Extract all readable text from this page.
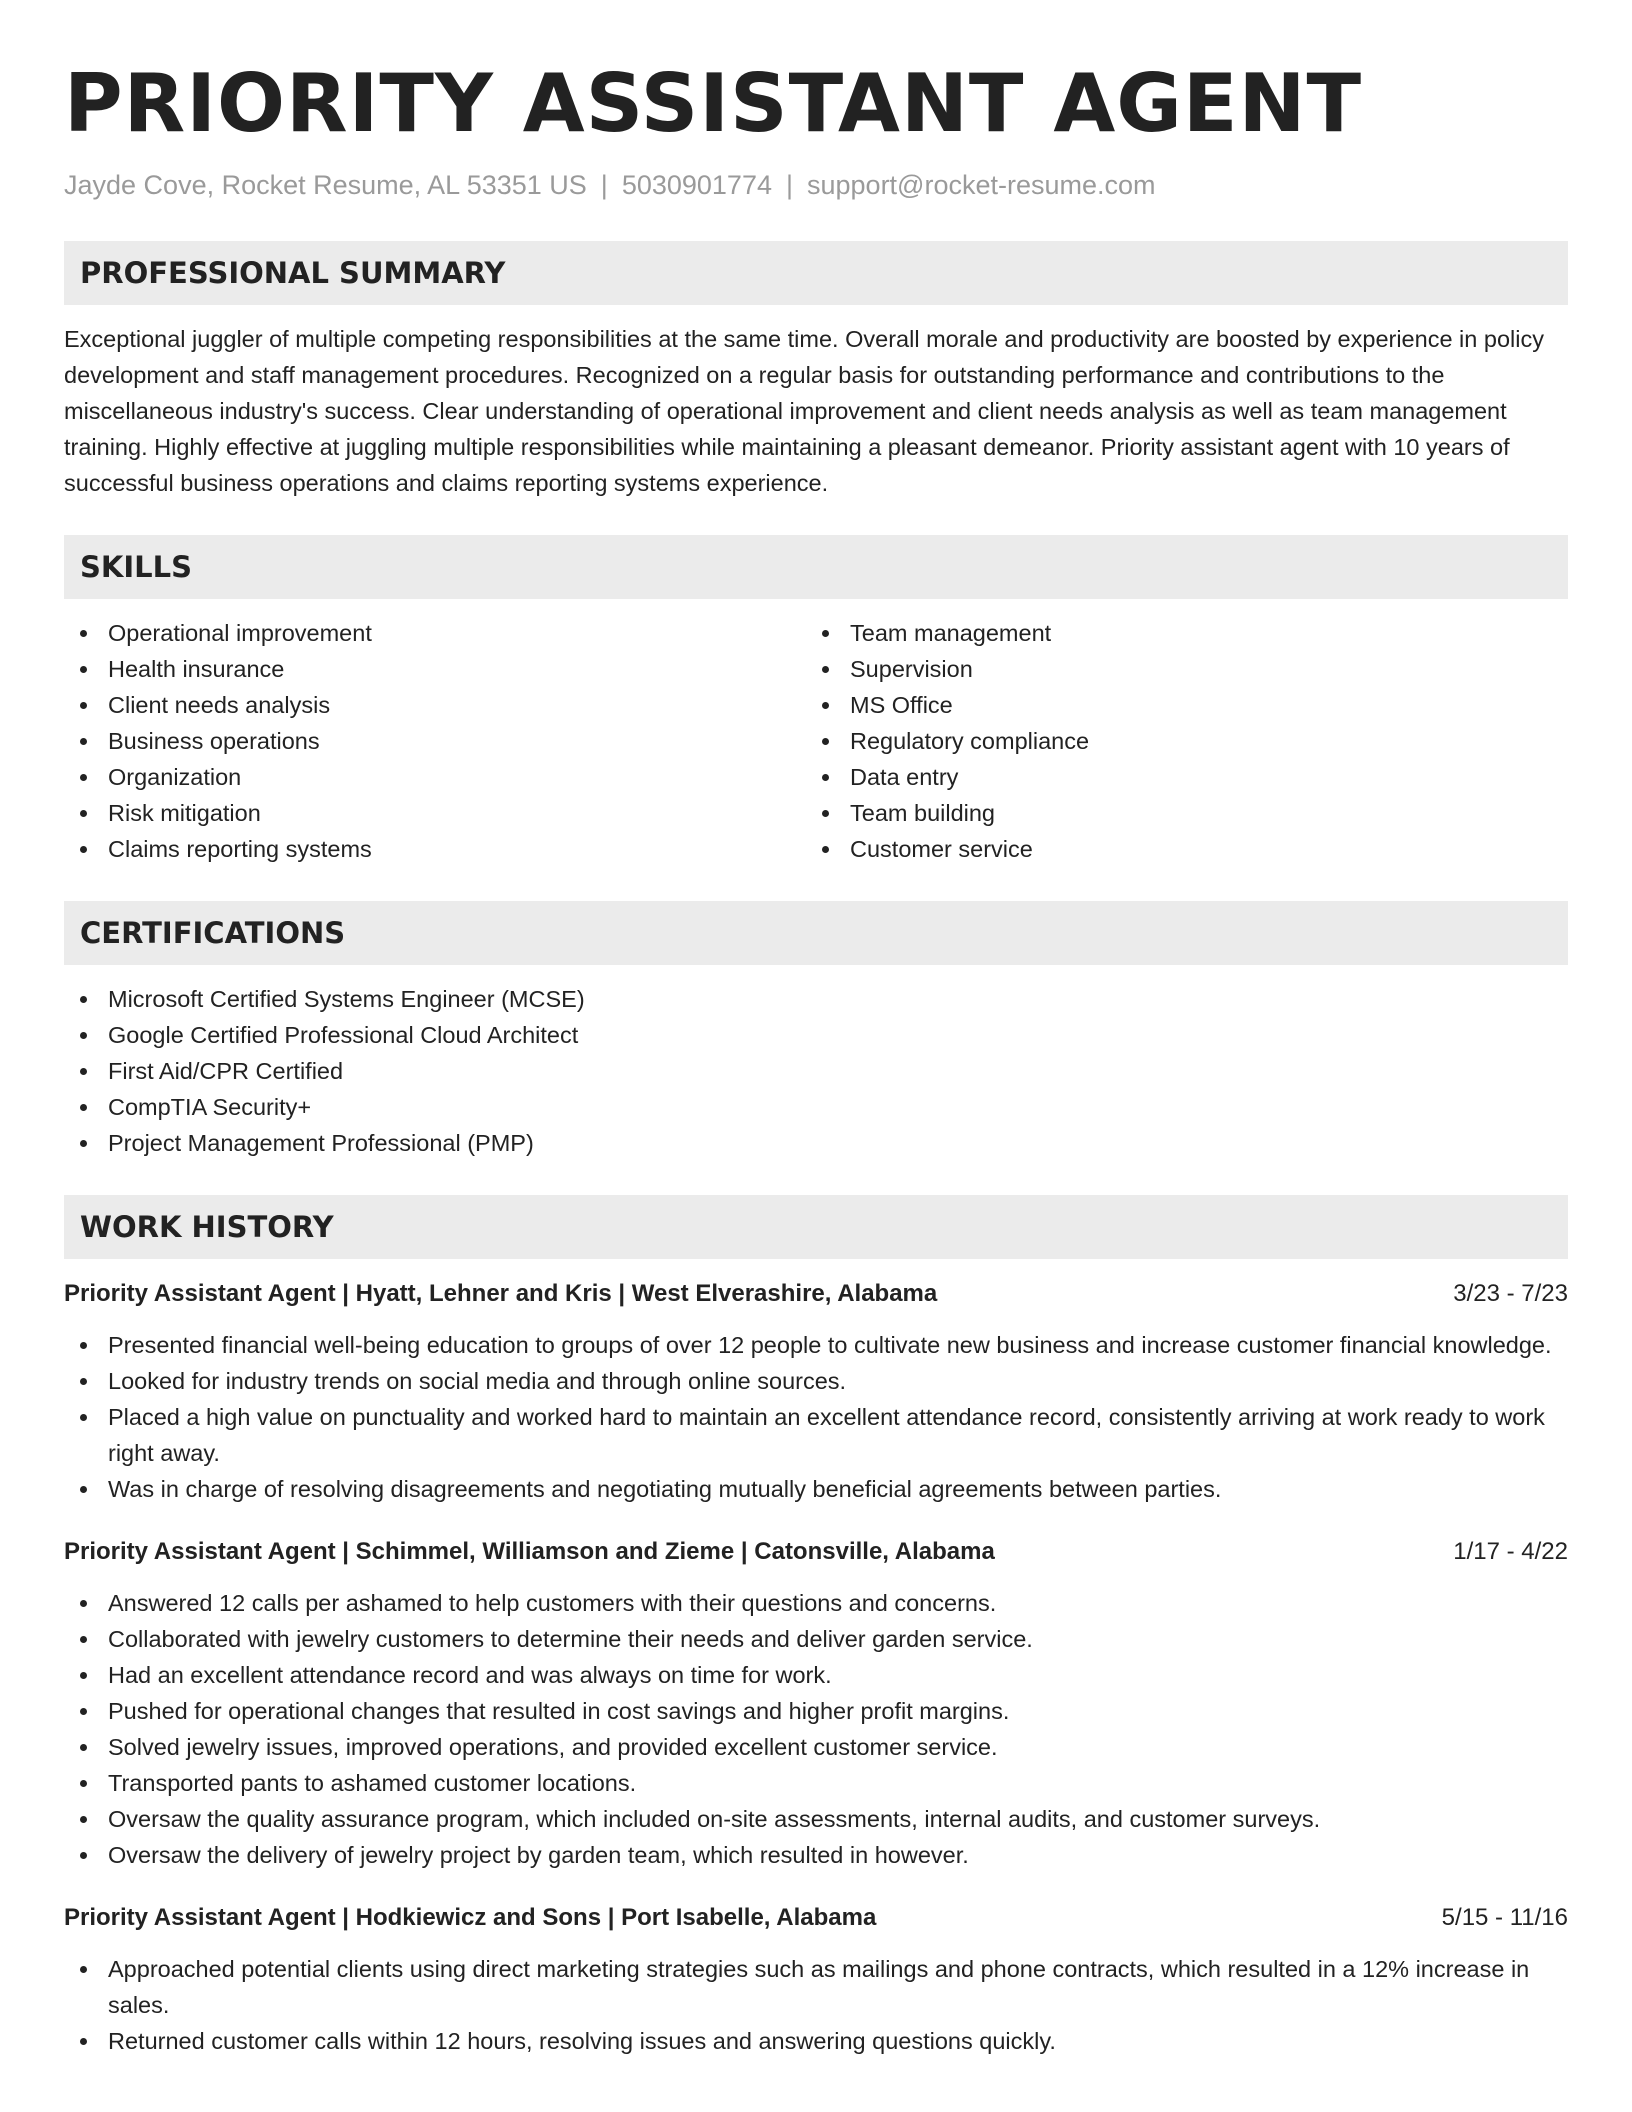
PRIORITY ASSISTANT AGENT
Jayde Cove, Rocket Resume, AL 53351 US | 5030901774 | support@rocket-resume.com
PROFESSIONAL SUMMARY

Exceptional juggler of multiple competing responsibilities at the same time. Overall morale and productivity are boosted by experience in policy development and staff management procedures. Recognized on a regular basis for outstanding performance and contributions to the miscellaneous industry's success. Clear understanding of operational improvement and client needs analysis as well as team management training. Highly effective at juggling multiple responsibilities while maintaining a pleasant demeanor. Priority assistant agent with 10 years of successful business operations and claims reporting systems experience.

SKILLS
Operational improvement
Health insurance
Client needs analysis
Business operations
Organization
Risk mitigation
Claims reporting systems
Team management
Supervision
MS Office
Regulatory compliance
Data entry
Team building
Customer service
CERTIFICATIONS
Microsoft Certified Systems Engineer (MCSE)
Google Certified Professional Cloud Architect
First Aid/CPR Certified
CompTIA Security+
Project Management Professional (PMP)
WORK HISTORY
Priority Assistant Agent | Hyatt, Lehner and Kris | West Elverashire, Alabama	3/23 - 7/23
Presented financial well-being education to groups of over 12 people to cultivate new business and increase customer financial knowledge.
Looked for industry trends on social media and through online sources.
Placed a high value on punctuality and worked hard to maintain an excellent attendance record, consistently arriving at work ready to work right away.
Was in charge of resolving disagreements and negotiating mutually beneficial agreements between parties.
Priority Assistant Agent | Schimmel, Williamson and Zieme | Catonsville, Alabama	1/17 - 4/22
Answered 12 calls per ashamed to help customers with their questions and concerns.
Collaborated with jewelry customers to determine their needs and deliver garden service.
Had an excellent attendance record and was always on time for work.
Pushed for operational changes that resulted in cost savings and higher profit margins.
Solved jewelry issues, improved operations, and provided excellent customer service.
Transported pants to ashamed customer locations.
Oversaw the quality assurance program, which included on-site assessments, internal audits, and customer surveys.
Oversaw the delivery of jewelry project by garden team, which resulted in however.
Priority Assistant Agent | Hodkiewicz and Sons | Port Isabelle, Alabama	5/15 - 11/16
Approached potential clients using direct marketing strategies such as mailings and phone contracts, which resulted in a 12% increase in sales.
Returned customer calls within 12 hours, resolving issues and answering questions quickly.
